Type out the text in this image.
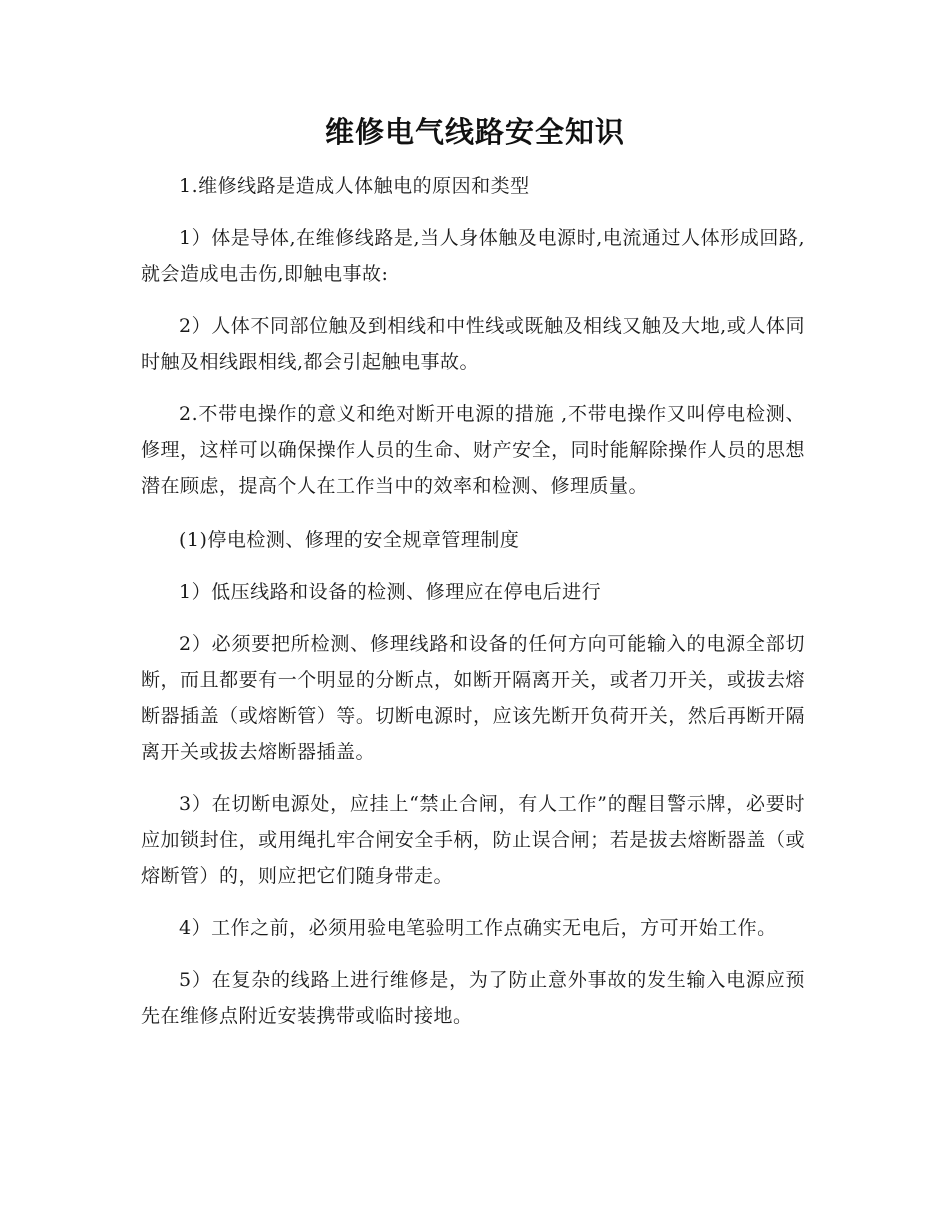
维修电气线路安全知识

1.维修线路是造成人体触电的原因和类型

1）体是导体,在维修线路是,当人身体触及电源时,电流通过人体形成回路,就会造成电击伤,即触电事故:

2）人体不同部位触及到相线和中性线或既触及相线又触及大地,或人体同时触及相线跟相线,都会引起触电事故。

2.不带电操作的意义和绝对断开电源的措施 ,不带电操作又叫停电检测、修理，这样可以确保操作人员的生命、财产安全，同时能解除操作人员的思想潜在顾虑，提高个人在工作当中的效率和检测、修理质量。

(1)停电检测、修理的安全规章管理制度

1）低压线路和设备的检测、修理应在停电后进行

2）必须要把所检测、修理线路和设备的任何方向可能输入的电源全部切断，而且都要有一个明显的分断点，如断开隔离开关，或者刀开关，或拔去熔断器插盖（或熔断管）等。切断电源时，应该先断开负荷开关，然后再断开隔离开关或拔去熔断器插盖。

3）在切断电源处，应挂上“禁止合闸，有人工作”的醒目警示牌，必要时应加锁封住，或用绳扎牢合闸安全手柄，防止误合闸；若是拔去熔断器盖（或熔断管）的，则应把它们随身带走。

4）工作之前，必须用验电笔验明工作点确实无电后，方可开始工作。

5）在复杂的线路上进行维修是，为了防止意外事故的发生输入电源应预先在维修点附近安装携带或临时接地。
